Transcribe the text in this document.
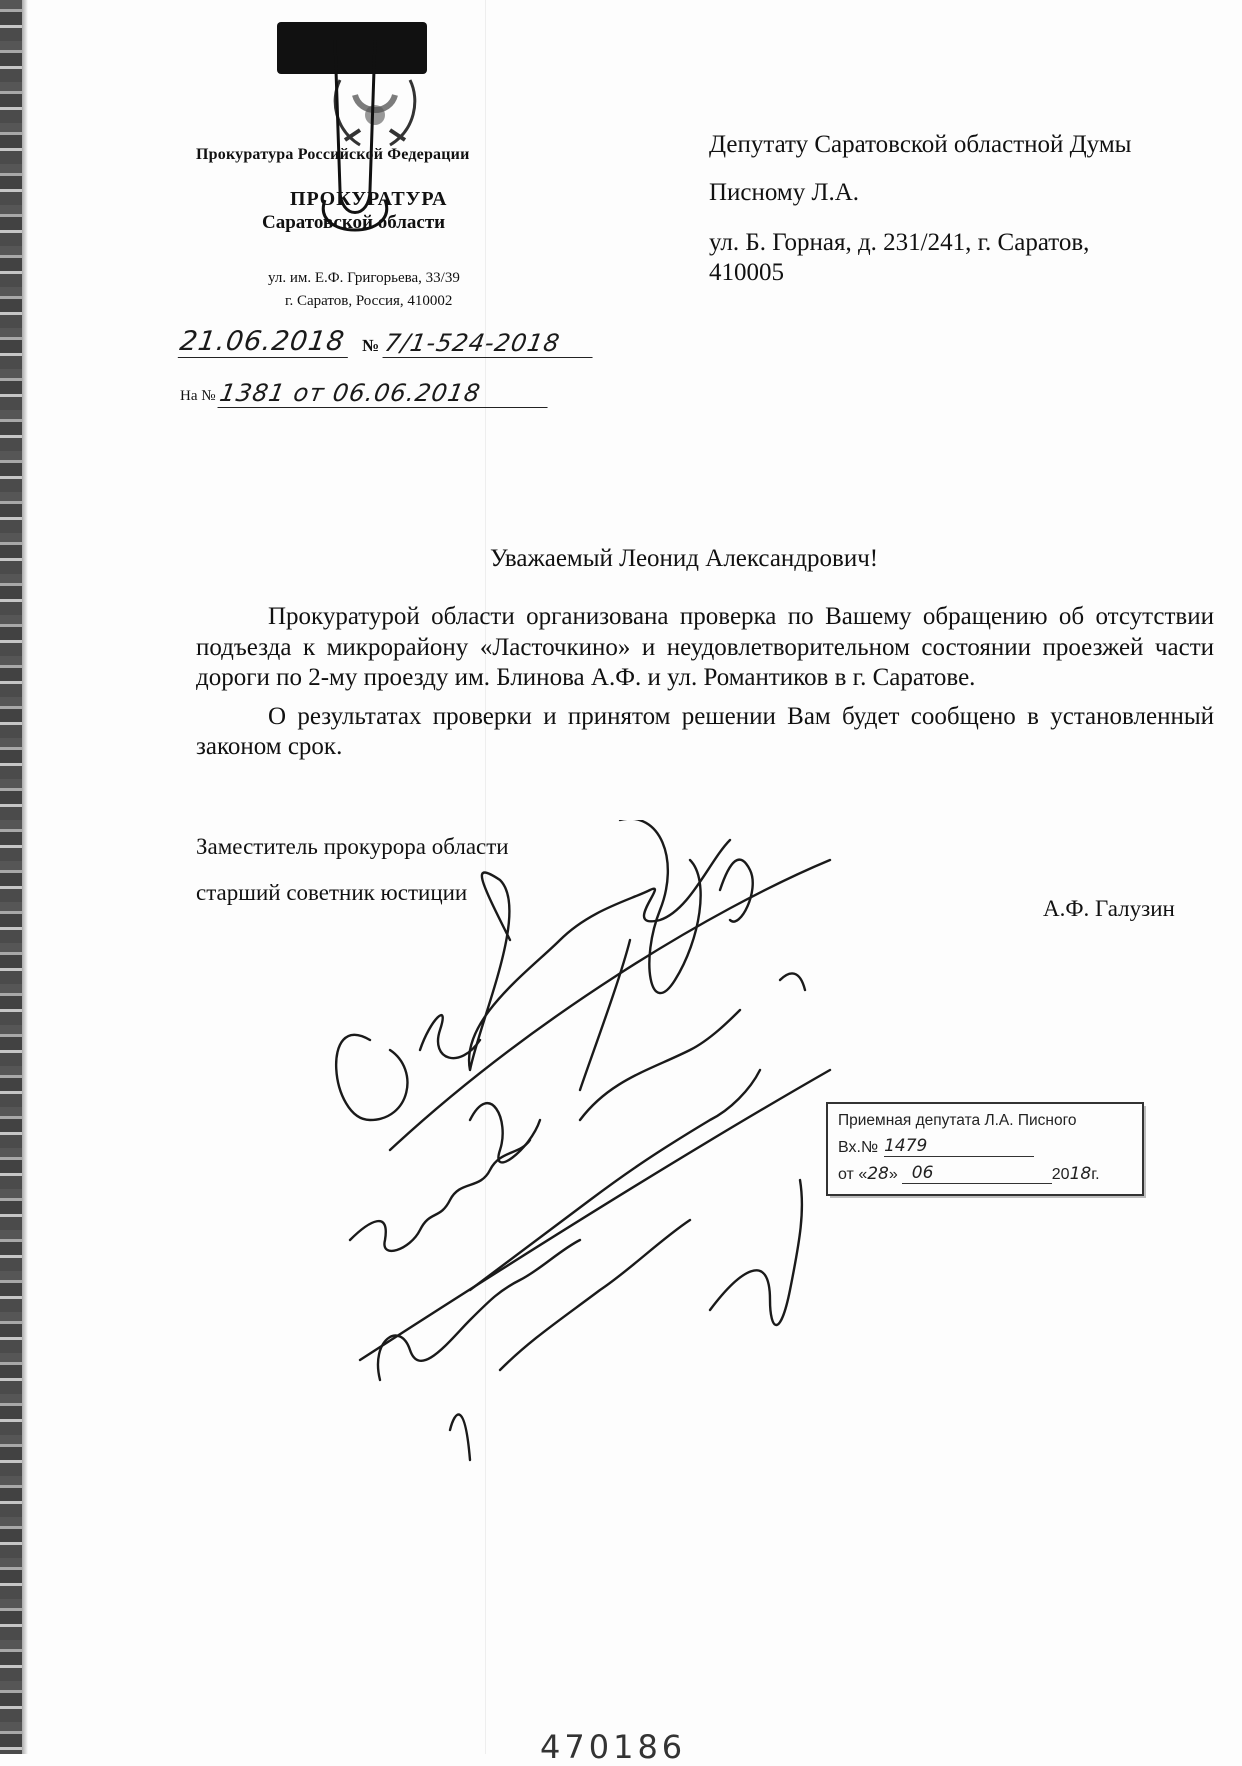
Прокуратура Российской Федерации
ПРОКУРАТУРА
Саратовской области
ул. им. Е.Ф. Григорьева, 33/39
г. Саратов, Россия, 410002
21.06.2018 № 7/1-524-2018
На № 1381 от 06.06.2018
Депутату Саратовской областной Думы
Писному Л.А.
ул. Б. Горная, д. 231/241, г. Саратов,
410005
Уважаемый Леонид Александрович!

Прокуратурой области организована проверка по Вашему обращению об отсутствии подъезда к микрорайону «Ласточкино» и неудовлетворительном состоянии проезжей части дороги по 2-му проезду им. Блинова А.Ф. и ул. Романтиков в г. Саратове.

О результатах проверки и принятом решении Вам будет сообщено в установленный законом срок.

Заместитель прокурора области
старший советник юстиции
А.Ф. Галузин
Приемная депутата Л.А. Писного
Вх.№ 1479
от « 28 » 06	20 18 г.
470186
